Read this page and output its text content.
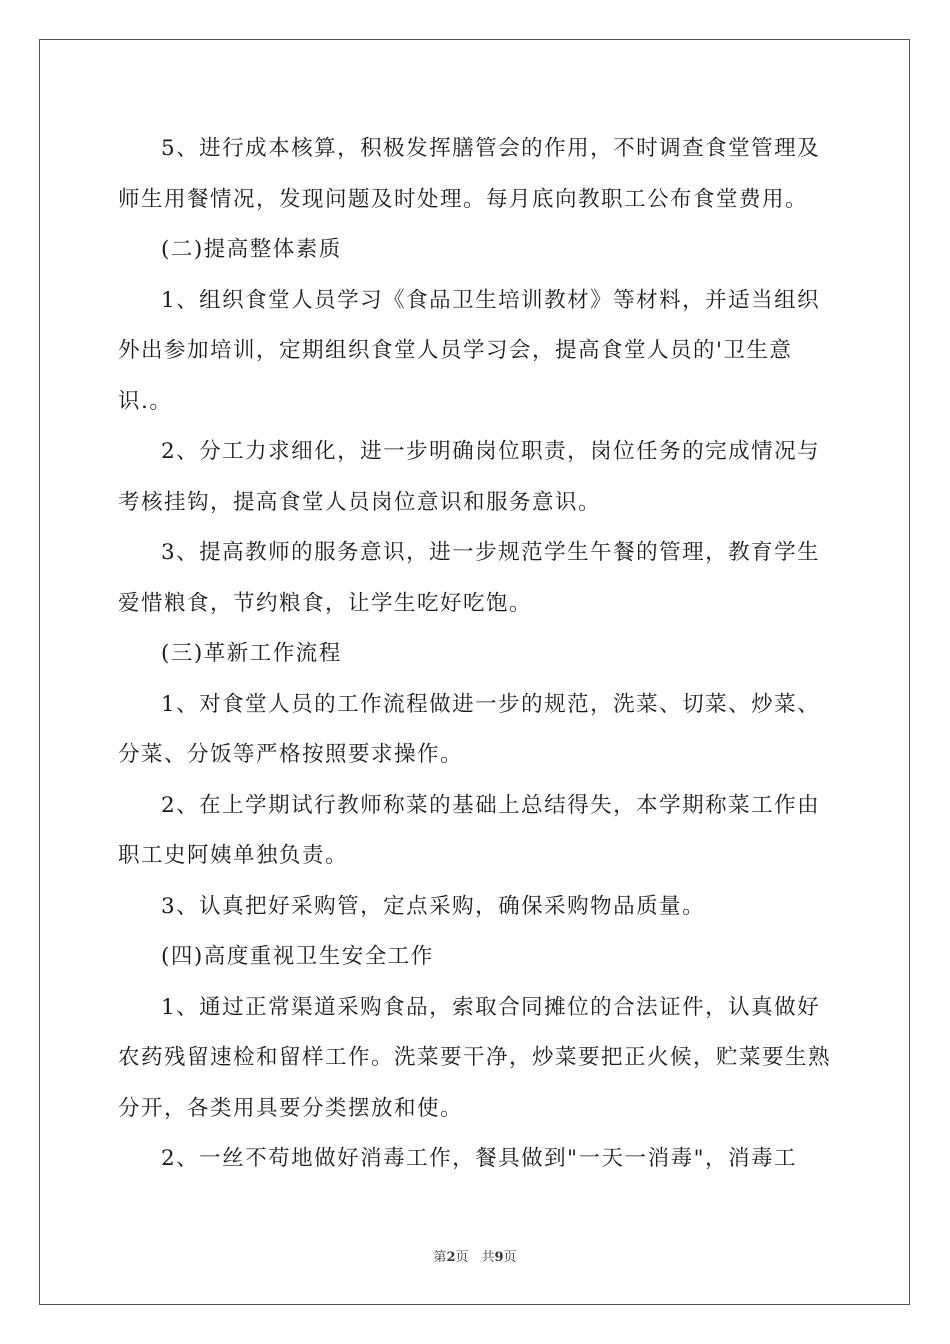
5、进行成本核算，积极发挥膳管会的作用，不时调查食堂管理及师生用餐情况，发现问题及时处理。每月底向教职工公布食堂费用。

(二)提高整体素质

1、组织食堂人员学习《食品卫生培训教材》等材料，并适当组织外出参加培训，定期组织食堂人员学习会，提高食堂人员的'卫生意识.。

2、分工力求细化，进一步明确岗位职责，岗位任务的完成情况与考核挂钩，提高食堂人员岗位意识和服务意识。

3、提高教师的服务意识，进一步规范学生午餐的管理，教育学生爱惜粮食，节约粮食，让学生吃好吃饱。

(三)革新工作流程

1、对食堂人员的工作流程做进一步的规范，洗菜、切菜、炒菜、分菜、分饭等严格按照要求操作。

2、在上学期试行教师称菜的基础上总结得失，本学期称菜工作由职工史阿姨单独负责。

3、认真把好采购管，定点采购，确保采购物品质量。

(四)高度重视卫生安全工作

1、通过正常渠道采购食品，索取合同摊位的合法证件，认真做好农药残留速检和留样工作。洗菜要干净，炒菜要把正火候，贮菜要生熟分开，各类用具要分类摆放和使。

2、一丝不苟地做好消毒工作，餐具做到"一天一消毒"，消毒工

第2页　共9页
